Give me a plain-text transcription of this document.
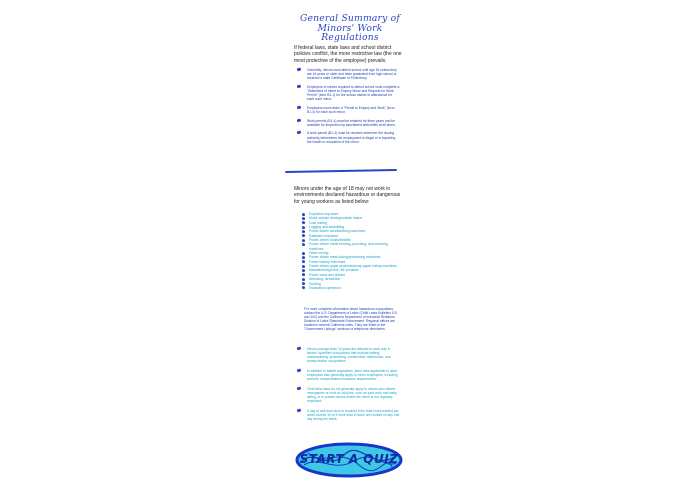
General Summary of Minors' Work Regulations
If federal laws, state laws and school district policies conflict, the more restrictive law (the one most protective of the employee) prevails.
Generally, minors must attend school until age 18 unless they are 16 years or older and have graduated from high school or received a state Certificate of Proficiency.
Employers of minors required to attend school must complete a "Statement of Intent to Employ Minor and Request for Work Permit" (form B1-1) for the school district of attendance for each such minor.
Employers must retain a "Permit to Employ and Work" (form B1-4) for each such minor.
Work permits (B1-4) must be retained for three years and be available for inspection by sanctioned authorities at all times.
A work permit (B1-4) must be revoked whenever the issuing authority determines the employment is illegal or is impairing the health or education of the minor.
Minors under the age of 18 may not work in environments declared hazardous or dangerous for young workers as listed below:
Explosive exposure
Motor vehicle driving/outside helper
Coal mining
Logging and sawmilling
Power-driven woodworking machines
Radiation exposure
Power-driven hoists/forklifts
Power-driven metal forming, punching, and shearing machines
Other mining
Power-driven meat slicing/processing machines
Power bakery machines
Power-driven paper products/scrap paper baling machines
Manufacturing brick, tile products
Power saws and shears
Wrecking, demolition
Roofing
Excavation operation
For more complete information about hazardous occupations, contact the U.S. Department of Labor (Child Labor Bulletins 101 and 102) and the California Department of Industrial Relations, Division of Labor Standards Enforcement. Regional offices are located in several California cities. They are listed in the "Government Listings" sections of telephone directories.
Minors younger than 16 years are allowed to work only in limited, specified occupations that exclude baking, manufacturing, processing, construction, warehouse, and transportation occupations.
In addition to babbit regulations, labor laws applicable to adult employees also generally apply to minor employees, including workers' compensation insurance requirements.
Child labor laws do not generally apply to minors who deliver newspapers or work at odd jobs, such as yard work and baby-sitting, or in private homes where the minor is not regularly employed.
A day of rest from work is required if the total hours worked per week exceed 30 or if more than 6 hours are worked on any one day during the week.
START A QUIZ
